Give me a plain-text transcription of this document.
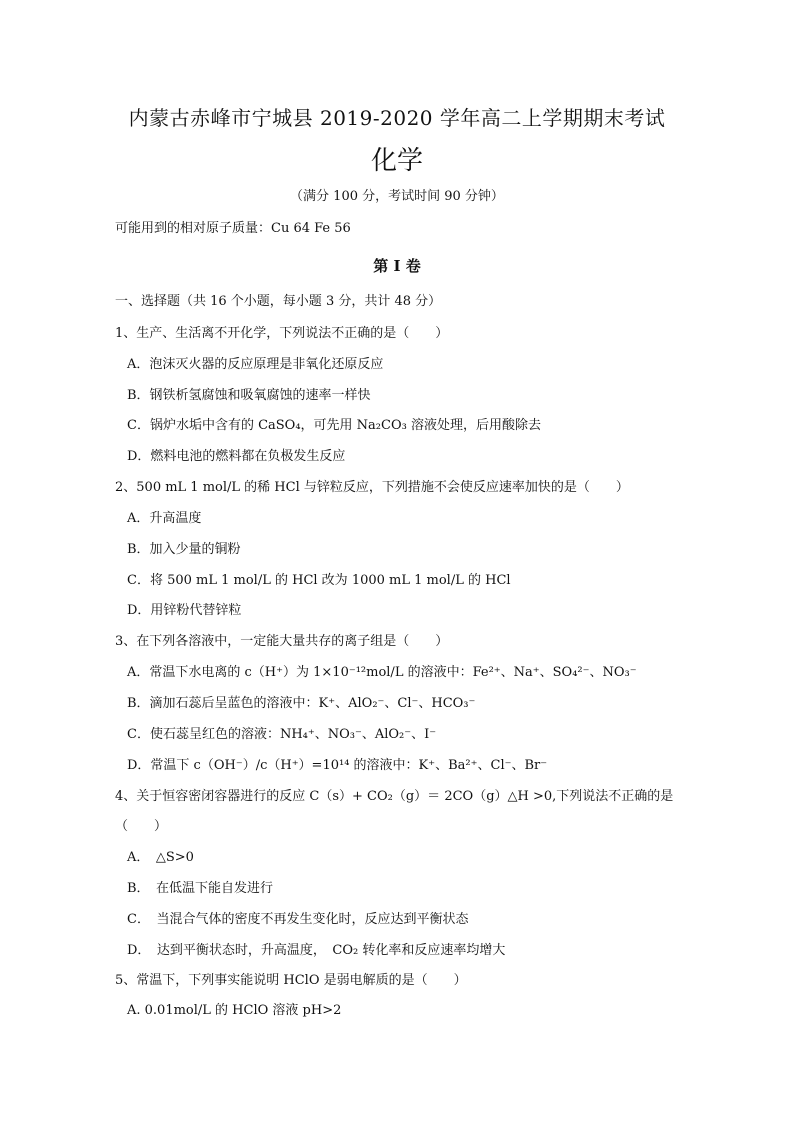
内蒙古赤峰市宁城县 2019-2020 学年高二上学期期末考试
化学
（满分 100 分，考试时间 90 分钟）
可能用到的相对原子质量：Cu 64 Fe 56
第 Ⅰ 卷
一、选择题（共 16 个小题，每小题 3 分，共计 48 分）
1、生产、生活离不开化学，下列说法不正确的是（　　）
A．泡沫灭火器的反应原理是非氧化还原反应
B．钢铁析氢腐蚀和吸氧腐蚀的速率一样快
C．锅炉水垢中含有的 CaSO₄，可先用 Na₂CO₃ 溶液处理，后用酸除去
D．燃料电池的燃料都在负极发生反应
2、500 mL 1 mol/L 的稀 HCl 与锌粒反应，下列措施不会使反应速率加快的是（　　）
A．升高温度
B．加入少量的铜粉
C．将 500 mL 1 mol/L 的 HCl 改为 1000 mL 1 mol/L 的 HCl
D．用锌粉代替锌粒
3、在下列各溶液中，一定能大量共存的离子组是（　　）
A．常温下水电离的 c（H⁺）为 1×10⁻¹²mol/L 的溶液中：Fe²⁺、Na⁺、SO₄²⁻、NO₃⁻
B．滴加石蕊后呈蓝色的溶液中：K⁺、AlO₂⁻、Cl⁻、HCO₃⁻
C．使石蕊呈红色的溶液：NH₄⁺、NO₃⁻、AlO₂⁻、I⁻
D．常温下 c（OH⁻）/c（H⁺）=10¹⁴ 的溶液中：K⁺、Ba²⁺、Cl⁻、Br⁻
4、关于恒容密闭容器进行的反应 C（s）+ CO₂（g）＝ 2CO（g）△H >0,下列说法不正确的是
（　　）
A．　△S>0
B．　在低温下能自发进行
C．　当混合气体的密度不再发生变化时，反应达到平衡状态
D．　达到平衡状态时，升高温度，　CO₂ 转化率和反应速率均增大
5、常温下，下列事实能说明 HClO 是弱电解质的是（　　）
A. 0.01mol/L 的 HClO 溶液 pH>2
